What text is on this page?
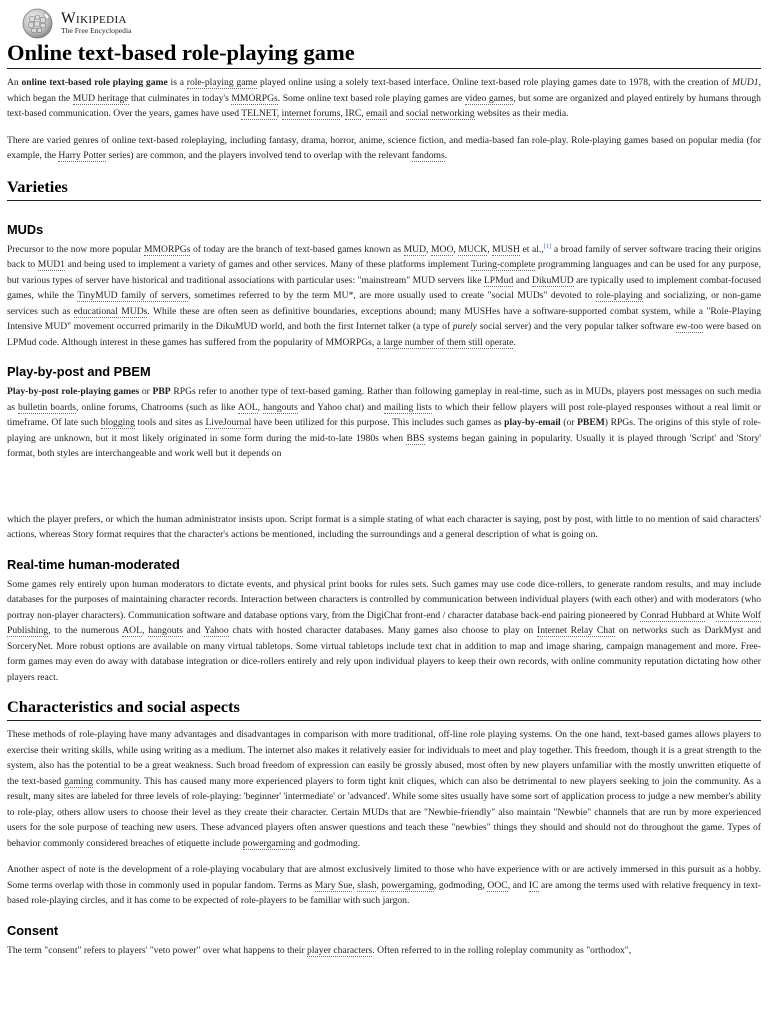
Wikipedia
The Free Encyclopedia
Online text-based role-playing game

An online text-based role playing game is a role-playing game played online using a solely text-based interface. Online text-based role playing games date to 1978, with the creation of MUD1, which began the MUD heritage that culminates in today's MMORPGs. Some online text based role playing games are video games, but some are organized and played entirely by humans through text-based communication. Over the years, games have used TELNET, internet forums, IRC, email and social networking websites as their media.

There are varied genres of online text-based roleplaying, including fantasy, drama, horror, anime, science fiction, and media-based fan role-play. Role-playing games based on popular media (for example, the Harry Potter series) are common, and the players involved tend to overlap with the relevant fandoms.

Varieties
MUDs

Precursor to the now more popular MMORPGs of today are the branch of text-based games known as MUD, MOO, MUCK, MUSH et al.,[1] a broad family of server software tracing their origins back to MUD1 and being used to implement a variety of games and other services. Many of these platforms implement Turing-complete programming languages and can be used for any purpose, but various types of server have historical and traditional associations with particular uses: "mainstream" MUD servers like LPMud and DikuMUD are typically used to implement combat-focused games, while the TinyMUD family of servers, sometimes referred to by the term MU*, are more usually used to create "social MUDs" devoted to role-playing and socializing, or non-game services such as educational MUDs. While these are often seen as definitive boundaries, exceptions abound; many MUSHes have a software-supported combat system, while a "Role-Playing Intensive MUD" movement occurred primarily in the DikuMUD world, and both the first Internet talker (a type of purely social server) and the very popular talker software ew-too were based on LPMud code. Although interest in these games has suffered from the popularity of MMORPGs, a large number of them still operate.

Play-by-post and PBEM

Play-by-post role-playing games or PBP RPGs refer to another type of text-based gaming. Rather than following gameplay in real-time, such as in MUDs, players post messages on such media as bulletin boards, online forums, Chatrooms (such as like AOL, hangouts and Yahoo chat) and mailing lists to which their fellow players will post role-played responses without a real limit or timeframe. Of late such blogging tools and sites as LiveJournal have been utilized for this purpose. This includes such games as play-by-email (or PBEM) RPGs. The origins of this style of role-playing are unknown, but it most likely originated in some form during the mid-to-late 1980s when BBS systems began gaining in popularity. Usually it is played through 'Script' and 'Story' format, both styles are interchangeable and work well but it depends on

which the player prefers, or which the human administrator insists upon. Script format is a simple stating of what each character is saying, post by post, with little to no mention of said characters' actions, whereas Story format requires that the character's actions be mentioned, including the surroundings and a general description of what is going on.

Real-time human-moderated

Some games rely entirely upon human moderators to dictate events, and physical print books for rules sets. Such games may use code dice-rollers, to generate random results, and may include databases for the purposes of maintaining character records. Interaction between characters is controlled by communication between individual players (with each other) and with moderators (who portray non-player characters). Communication software and database options vary, from the DigiChat front-end / character database back-end pairing pioneered by Conrad Hubbard at White Wolf Publishing, to the numerous AOL, hangouts and Yahoo chats with hosted character databases. Many games also choose to play on Internet Relay Chat on networks such as DarkMyst and SorceryNet. More robust options are available on many virtual tabletops. Some virtual tabletops include text chat in addition to map and image sharing, campaign management and more. Free-form games may even do away with database integration or dice-rollers entirely and rely upon individual players to keep their own records, with online community reputation dictating how other players react.

Characteristics and social aspects

These methods of role-playing have many advantages and disadvantages in comparison with more traditional, off-line role playing systems. On the one hand, text-based games allows players to exercise their writing skills, while using writing as a medium. The internet also makes it relatively easier for individuals to meet and play together. This freedom, though it is a great strength to the system, also has the potential to be a great weakness. Such broad freedom of expression can easily be grossly abused, most often by new players unfamiliar with the mostly unwritten etiquette of the text-based gaming community. This has caused many more experienced players to form tight knit cliques, which can also be detrimental to new players seeking to join the community. As a result, many sites are labeled for three levels of role-playing: 'beginner' 'intermediate' or 'advanced'. While some sites usually have some sort of application process to judge a new member's ability to role-play, others allow users to choose their level as they create their character. Certain MUDs that are "Newbie-friendly" also maintain "Newbie" channels that are run by more experienced users for the sole purpose of teaching new users. These advanced players often answer questions and teach these "newbies" things they should and should not do throughout the game. Types of behavior commonly considered breaches of etiquette include powergaming and godmoding.

Another aspect of note is the development of a role-playing vocabulary that are almost exclusively limited to those who have experience with or are actively immersed in this pursuit as a hobby. Some terms overlap with those in commonly used in popular fandom. Terms as Mary Sue, slash, powergaming, godmoding, OOC, and IC are among the terms used with relative frequency in text-based role-playing circles, and it has come to be expected of role-players to be familiar with such jargon.

Consent

The term "consent" refers to players' "veto power" over what happens to their player characters. Often referred to in the rolling roleplay community as "orthodox",
